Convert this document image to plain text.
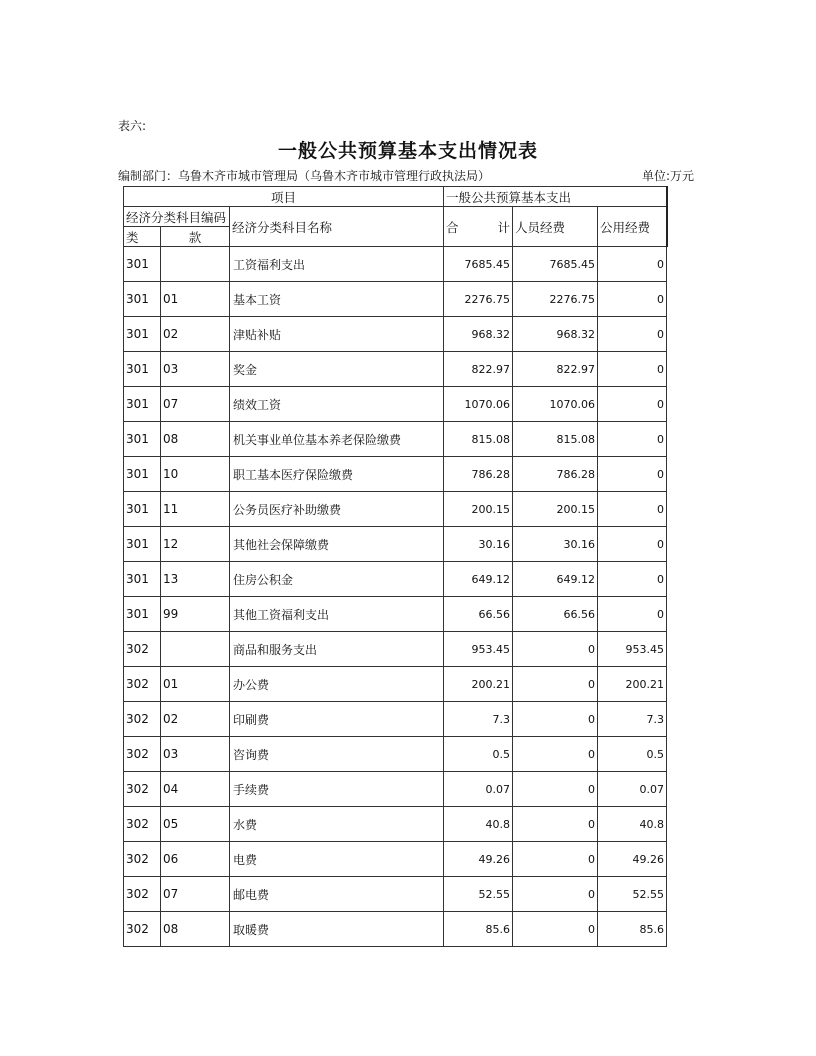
表六:
一般公共预算基本支出情况表
编制部门：乌鲁木齐市城市管理局（乌鲁木齐市城市管理行政执法局）	单位:万元
项目			一般公共预算基本支出		
经济分类科目编码		经济分类科目名称	合 计	人员经费	公用经费
类	款				
301		工资福利支出	7685.45	7685.45	0
301	01	基本工资	2276.75	2276.75	0
301	02	津贴补贴	968.32	968.32	0
301	03	奖金	822.97	822.97	0
301	07	绩效工资	1070.06	1070.06	0
301	08	机关事业单位基本养老保险缴费	815.08	815.08	0
301	10	职工基本医疗保险缴费	786.28	786.28	0
301	11	公务员医疗补助缴费	200.15	200.15	0
301	12	其他社会保障缴费	30.16	30.16	0
301	13	住房公积金	649.12	649.12	0
301	99	其他工资福利支出	66.56	66.56	0
302		商品和服务支出	953.45	0	953.45
302	01	办公费	200.21	0	200.21
302	02	印刷费	7.3	0	7.3
302	03	咨询费	0.5	0	0.5
302	04	手续费	0.07	0	0.07
302	05	水费	40.8	0	40.8
302	06	电费	49.26	0	49.26
302	07	邮电费	52.55	0	52.55
302	08	取暖费	85.6	0	85.6
